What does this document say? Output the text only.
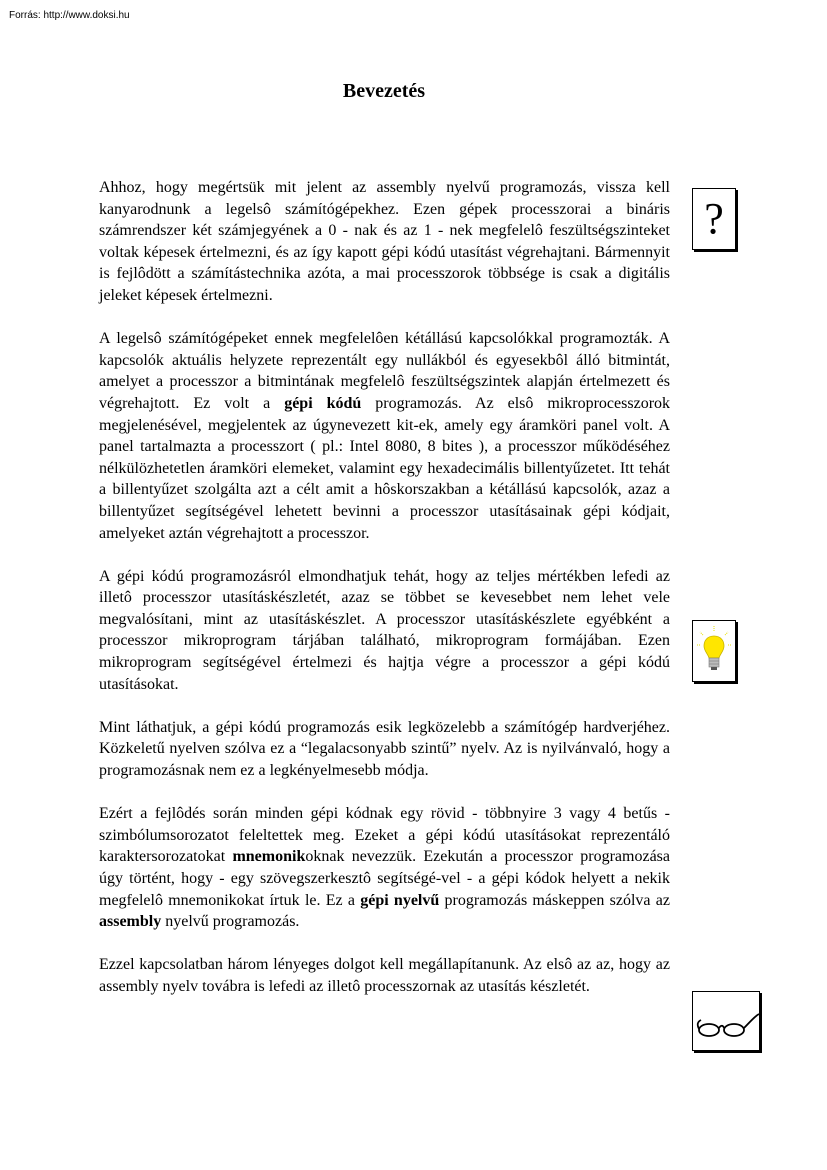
Forrás: http://www.doksi.hu
Bevezetés

Ahhoz, hogy megértsük mit jelent az assembly nyelvű programozás, vissza kell kanyarodnunk a legelsô számítógépekhez. Ezen gépek processzorai a bináris számrendszer két számjegyének a 0 - nak és az 1 - nek megfelelô feszültségszinteket voltak képesek értelmezni, és az így kapott gépi kódú utasítást végrehajtani. Bármennyit is fejlôdött a számítástechnika azóta, a mai processzorok többsége is csak a digitális jeleket képesek értelmezni.

A legelsô számítógépeket ennek megfelelôen kétállású kapcsolókkal programozták. A kapcsolók aktuális helyzete reprezentált egy nullákból és egyesekbôl álló bitmintát, amelyet a processzor a bitmintának megfelelô feszültségszintek alapján értelmezett és végrehajtott. Ez volt a gépi kódú programozás. Az elsô mikroprocesszorok megjelenésével, megjelentek az úgynevezett kit-ek, amely egy áramköri panel volt. A panel tartalmazta a processzort ( pl.: Intel 8080, 8 bites ), a processzor működéséhez nélkülözhetetlen áramköri elemeket, valamint egy hexadecimális billentyűzetet. Itt tehát a billentyűzet szolgálta azt a célt amit a hôskorszakban a kétállású kapcsolók, azaz a billentyűzet segítségével lehetett bevinni a processzor utasításainak gépi kódjait, amelyeket aztán végrehajtott a processzor.

A gépi kódú programozásról elmondhatjuk tehát, hogy az teljes mértékben lefedi az illetô processzor utasításkészletét, azaz se többet se kevesebbet nem lehet vele megvalósítani, mint az utasításkészlet. A processzor utasításkészlete egyébként a processzor mikroprogram tárjában található, mikroprogram formájában. Ezen mikroprogram segítségével értelmezi és hajtja végre a processzor a gépi kódú utasításokat.

Mint láthatjuk, a gépi kódú programozás esik legközelebb a számítógép hardverjéhez. Közkeletű nyelven szólva ez a “legalacsonyabb szintű” nyelv. Az is nyilvánvaló, hogy a programozásnak nem ez a legkényelmesebb módja.

Ezért a fejlôdés során minden gépi kódnak egy rövid - többnyire 3 vagy 4 betűs - szimbólumsorozatot feleltettek meg. Ezeket a gépi kódú utasításokat reprezentáló karaktersorozatokat mnemonikoknak nevezzük. Ezekután a processzor programozása úgy történt, hogy - egy szövegszerkesztô segítségé-vel - a gépi kódok helyett a nekik megfelelô mnemonikokat írtuk le. Ez a gépi nyelvű programozás máskeppen szólva az assembly nyelvű programozás.

Ezzel kapcsolatban három lényeges dolgot kell megállapítanunk. Az elsô az az, hogy az assembly nyelv továbra is lefedi az illetô processzornak az utasítás készletét.

?
